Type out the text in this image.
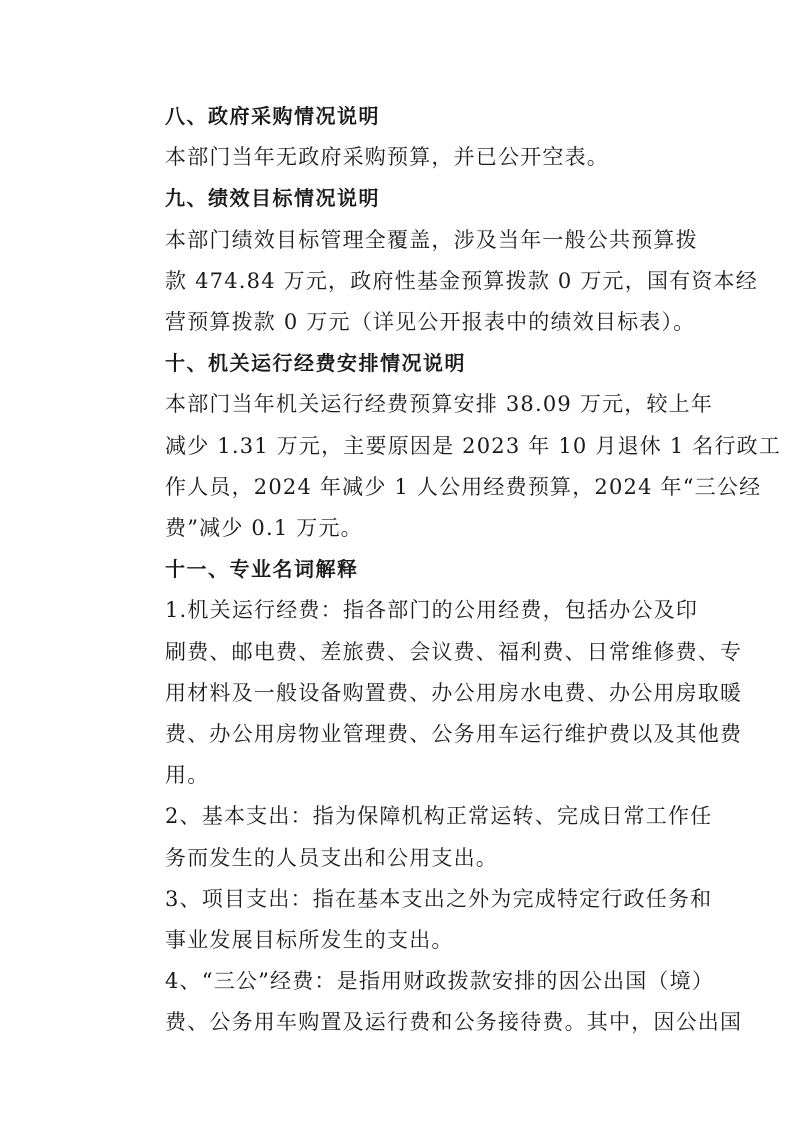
八、政府采购情况说明

本部门当年无政府采购预算，并已公开空表。

九、绩效目标情况说明

本部门绩效目标管理全覆盖，涉及当年一般公共预算拨
款 474.84 万元，政府性基金预算拨款 0 万元，国有资本经
营预算拨款 0 万元（详见公开报表中的绩效目标表）。

十、机关运行经费安排情况说明

本部门当年机关运行经费预算安排 38.09 万元，较上年
减少 1.31 万元，主要原因是 2023 年 10 月退休 1 名行政工
作人员，2024 年减少 1 人公用经费预算，2024 年“三公经
费”减少 0.1 万元。

十一、专业名词解释

1.机关运行经费：指各部门的公用经费，包括办公及印
刷费、邮电费、差旅费、会议费、福利费、日常维修费、专
用材料及一般设备购置费、办公用房水电费、办公用房取暖
费、办公用房物业管理费、公务用车运行维护费以及其他费
用。

2、基本支出：指为保障机构正常运转、完成日常工作任
务而发生的人员支出和公用支出。

3、项目支出：指在基本支出之外为完成特定行政任务和
事业发展目标所发生的支出。

4、“三公”经费：是指用财政拨款安排的因公出国（境）
费、公务用车购置及运行费和公务接待费。其中，因公出国
